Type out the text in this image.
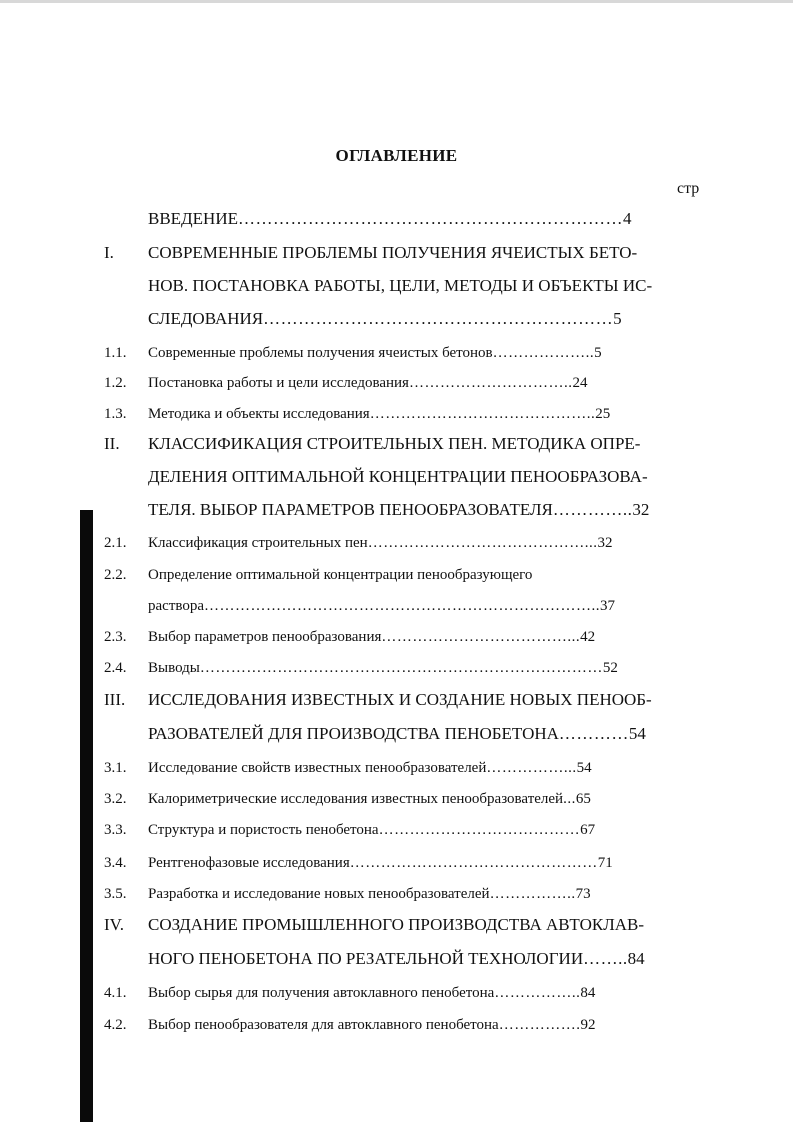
ОГЛАВЛЕНИЕ
стр
ВВЕДЕНИЕ…………………………………………………………4
I. СОВРЕМЕННЫЕ ПРОБЛЕМЫ ПОЛУЧЕНИЯ ЯЧЕИСТЫХ БЕТО-
НОВ. ПОСТАНОВКА РАБОТЫ, ЦЕЛИ, МЕТОДЫ И ОБЪЕКТЫ ИС-
СЛЕДОВАНИЯ……………………………………………………5
1.1. Современные проблемы получения ячеистых бетонов………………..5
1.2. Постановка работы и цели исследования…………………………..24
1.3. Методика и объекты исследования……………………………………..25
II. КЛАССИФИКАЦИЯ СТРОИТЕЛЬНЫХ ПЕН. МЕТОДИКА ОПРЕ-
ДЕЛЕНИЯ ОПТИМАЛЬНОЙ КОНЦЕНТРАЦИИ ПЕНООБРАЗОВА-
ТЕЛЯ. ВЫБОР ПАРАМЕТРОВ ПЕНООБРАЗОВАТЕЛЯ…………..32
2.1. Классификация строительных пен……………………………………...32
2.2. Определение оптимальной концентрации пенообразующего
раствора…………………………………………………………………..37
2.3. Выбор параметров пенообразования………………………………...42
2.4. Выводы……………………………………………………………………52
III. ИССЛЕДОВАНИЯ ИЗВЕСТНЫХ И СОЗДАНИЕ НОВЫХ ПЕНООБ-
РАЗОВАТЕЛЕЙ ДЛЯ ПРОИЗВОДСТВА ПЕНОБЕТОНА…………54
3.1. Исследование свойств известных пенообразователей……………...54
3.2. Калориметрические исследования известных пенообразователей...65
3.3. Структура и пористость пенобетона…………………………………67
3.4. Рентгенофазовые исследования…………………………………………71
3.5. Разработка и исследование новых пенообразователей……………..73
IV. СОЗДАНИЕ ПРОМЫШЛЕННОГО ПРОИЗВОДСТВА АВТОКЛАВ-
НОГО ПЕНОБЕТОНА ПО РЕЗАТЕЛЬНОЙ ТЕХНОЛОГИИ……..84
4.1. Выбор сырья для получения автоклавного пенобетона……………..84
4.2. Выбор пенообразователя для автоклавного пенобетона…………….92
